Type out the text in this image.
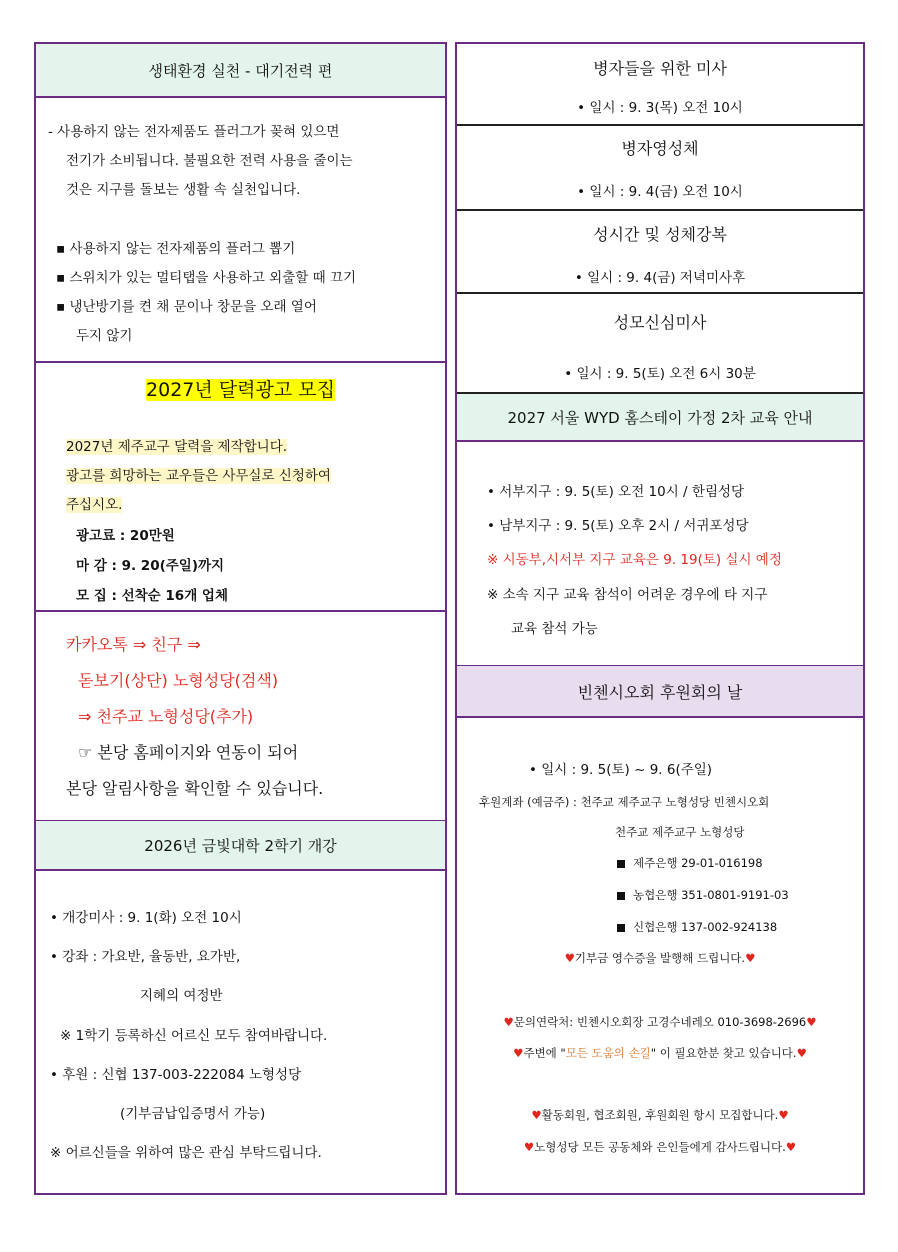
생태환경 실천 - 대기전력 편
- 사용하지 않는 전자제품도 플러그가 꽂혀 있으면
전기가 소비됩니다. 불필요한 전력 사용을 줄이는
것은 지구를 돌보는 생활 속 실천입니다.
▪ 사용하지 않는 전자제품의 플러그 뽑기
▪ 스위치가 있는 멀티탭을 사용하고 외출할 때 끄기
▪ 냉난방기를 켠 채 문이나 창문을 오래 열어
두지 않기
2027년 달력광고 모집
2027년 제주교구 달력을 제작합니다.
광고를 희망하는 교우들은 사무실로 신청하여
주십시오.
광고료 : 20만원
마 감 : 9. 20(주일)까지
모 집 : 선착순 16개 업체
카카오톡 ⇒ 친구 ⇒
돋보기(상단) 노형성당(검색)
⇒ 천주교 노형성당(추가)
☞ 본당 홈페이지와 연동이 되어
본당 알림사항을 확인할 수 있습니다.
2026년 금빛대학 2학기 개강
• 개강미사 : 9. 1(화) 오전 10시
• 강좌 : 가요반, 율동반, 요가반,
지혜의 여정반
※ 1학기 등록하신 어르신 모두 참여바랍니다.
• 후원 : 신협 137-003-222084 노형성당
(기부금납입증명서 가능)
※ 어르신들을 위하여 많은 관심 부탁드립니다.
병자들을 위한 미사
• 일시 : 9. 3(목) 오전 10시
병자영성체
• 일시 : 9. 4(금) 오전 10시
성시간 및 성체강복
• 일시 : 9. 4(금) 저녁미사후
성모신심미사
• 일시 : 9. 5(토) 오전 6시 30분
2027 서울 WYD 홈스테이 가정 2차 교육 안내
• 서부지구 : 9. 5(토) 오전 10시 / 한림성당
• 남부지구 : 9. 5(토) 오후 2시 / 서귀포성당
※ 시동부,시서부 지구 교육은 9. 19(토) 실시 예정
※ 소속 지구 교육 참석이 어려운 경우에 타 지구
교육 참석 가능
빈첸시오회 후원회의 날
• 일시 : 9. 5(토) ~ 9. 6(주일)
후원계좌 (예금주) : 천주교 제주교구 노형성당 빈첸시오회
천주교 제주교구 노형성당
제주은행 29-01-016198
농협은행 351-0801-9191-03
신협은행 137-002-924138
♥기부금 영수증을 발행해 드립니다.♥
♥문의연락처: 빈첸시오회장 고경수네레오 010-3698-2696♥
♥주변에 "모든 도움의 손길" 이 필요한분 찾고 있습니다.♥
♥활동회원, 협조회원, 후원회원 항시 모집합니다.♥
♥노형성당 모든 공동체와 은인들에게 감사드립니다.♥
